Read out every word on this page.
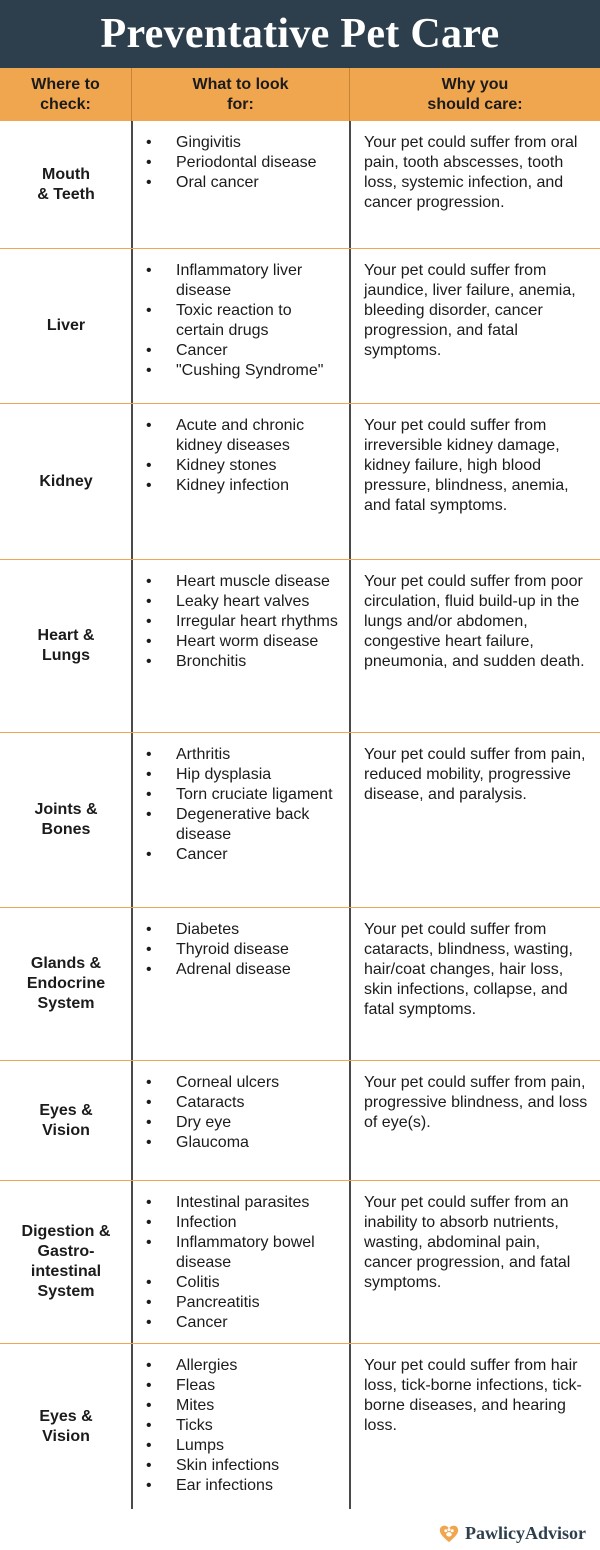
Preventative Pet Care
Where to
check:
What to look
for:
Why you
should care:
Mouth
& Teeth
• Gingivitis
• Periodontal disease
• Oral cancer
Your pet could suffer from oral pain, tooth abscesses, tooth loss, systemic infection, and cancer progression.
Liver
• Inflammatory liver disease
• Toxic reaction to certain drugs
• Cancer
• "Cushing Syndrome"
Your pet could suffer from jaundice, liver failure, anemia, bleeding disorder, cancer progression, and fatal symptoms.
Kidney
• Acute and chronic kidney diseases
• Kidney stones
• Kidney infection
Your pet could suffer from irreversible kidney damage, kidney failure, high blood pressure, blindness, anemia, and fatal symptoms.
Heart &
Lungs
• Heart muscle disease
• Leaky heart valves
• Irregular heart rhythms
• Heart worm disease
• Bronchitis
Your pet could suffer from poor circulation, fluid build-up in the lungs and/or abdomen, congestive heart failure, pneumonia, and sudden death.
Joints &
Bones
• Arthritis
• Hip dysplasia
• Torn cruciate ligament
• Degenerative back disease
• Cancer
Your pet could suffer from pain, reduced mobility, progressive disease, and paralysis.
Glands &
Endocrine
System
• Diabetes
• Thyroid disease
• Adrenal disease
Your pet could suffer from cataracts, blindness, wasting, hair/coat changes, hair loss, skin infections, collapse, and fatal symptoms.
Eyes &
Vision
• Corneal ulcers
• Cataracts
• Dry eye
• Glaucoma
Your pet could suffer from pain, progressive blindness, and loss of eye(s).
Digestion &
Gastro-
intestinal
System
• Intestinal parasites
• Infection
• Inflammatory bowel disease
• Colitis
• Pancreatitis
• Cancer
Your pet could suffer from an inability to absorb nutrients, wasting, abdominal pain, cancer progression, and fatal symptoms.
Eyes &
Vision
• Allergies
• Fleas
• Mites
• Ticks
• Lumps
• Skin infections
• Ear infections
Your pet could suffer from hair loss, tick-borne infections, tick-borne diseases, and hearing loss.
PawlicyAdvisor
